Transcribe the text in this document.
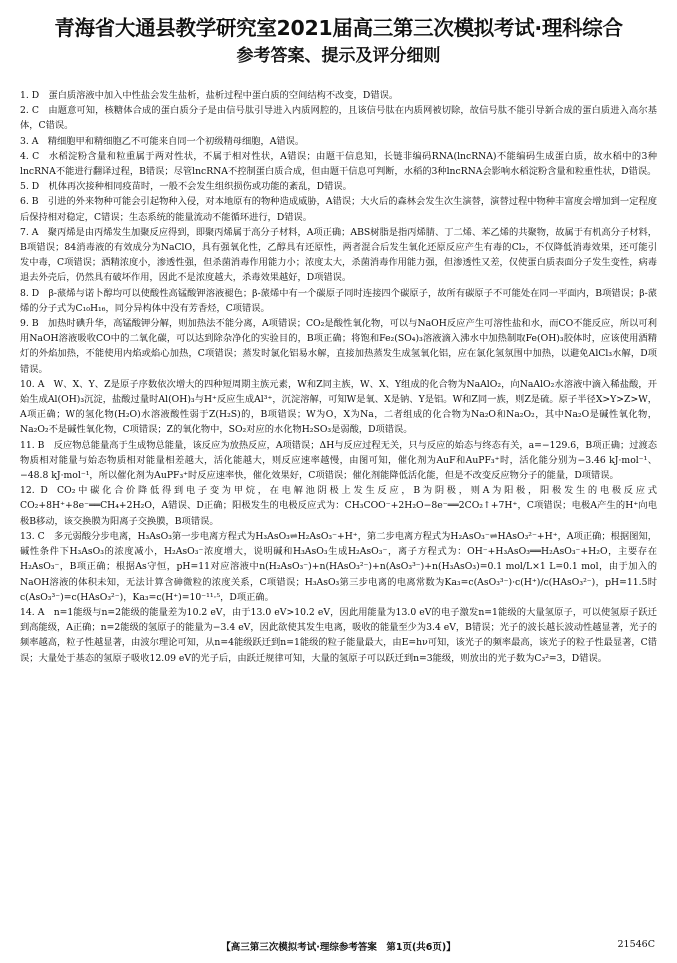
青海省大通县教学研究室2021届高三第三次模拟考试·理科综合
参考答案、提示及评分细则

1. D  蛋白质溶液中加入中性盐会发生盐析，盐析过程中蛋白质的空间结构不改变，D错误。

2. C  由题意可知，核糖体合成的蛋白质分子是由信号肽引导进入内质网腔的，且该信号肽在内质网被切除，故信号肽不能引导新合成的蛋白质进入高尔基体，C错误。

3. A  精细胞甲和精细胞乙不可能来自同一个初级精母细胞，A错误。

4. C  水稻淀粉含量和粒重属于两对性状，不属于相对性状，A错误；由题干信息知，长链非编码RNA(lncRNA)不能编码生成蛋白质，故水稻中的3种lncRNA不能进行翻译过程，B错误；尽管lncRNA不控制蛋白质合成，但由题干信息可判断，水稻的3种lncRNA会影响水稻淀粉含量和粒重性状，D错误。

5. D  机体再次接种相同疫苗时，一般不会发生组织损伤或功能的紊乱，D错误。

6. B  引进的外来物种可能会引起物种入侵，对本地原有的物种造成威胁，A错误；大火后的森林会发生次生演替，演替过程中物种丰富度会增加到一定程度后保持相对稳定，C错误；生态系统的能量流动不能循环进行，D错误。

7. A  聚丙烯是由丙烯发生加聚反应得到，即聚丙烯属于高分子材料，A项正确；ABS树脂是指丙烯腈、丁二烯、苯乙烯的共聚物，故属于有机高分子材料，B项错误；84消毒液的有效成分为NaClO，具有强氧化性，乙醇具有还原性，两者混合后发生氧化还原反应产生有毒的Cl₂，不仅降低消毒效果，还可能引发中毒，C项错误；酒精浓度小，渗透性强，但杀菌消毒作用能力小；浓度太大，杀菌消毒作用能力强，但渗透性又差，仅使蛋白质表面分子发生变性，病毒退去外壳后，仍然具有破坏作用，因此不是浓度越大，杀毒效果越好，D项错误。

8. D  β-蒎烯与诺卜醇均可以使酸性高锰酸钾溶液褪色；β-蒎烯中有一个碳原子同时连接四个碳原子，故所有碳原子不可能处在同一平面内，B项错误；β-蒎烯的分子式为C₁₀H₁₆，同分异构体中没有芳香烃，C项错误。

9. B  加热时碘升华，高锰酸钾分解，则加热法不能分离，A项错误；CO₂是酸性氧化物，可以与NaOH反应产生可溶性盐和水，而CO不能反应，所以可利用NaOH溶液吸收CO中的二氧化碳，可以达到除杂净化的实验目的，B项正确；将饱和Fe₂(SO₄)₃溶液滴入沸水中加热制取Fe(OH)₃胶体时，应该使用酒精灯的外焰加热，不能使用内焰或焰心加热，C项错误；蒸发时氯化铝易水解，直接加热蒸发生成氢氧化铝，应在氯化氢氛围中加热，以避免AlCl₃水解，D项错误。

10. A  W、X、Y、Z是原子序数依次增大的四种短周期主族元素，W和Z同主族，W、X、Y组成的化合物为NaAlO₂，向NaAlO₂水溶液中滴入稀盐酸，开始生成Al(OH)₃沉淀，盐酸过量时Al(OH)₃与H⁺反应生成Al³⁺，沉淀溶解，可知W是氧、X是钠、Y是铝。W和Z同一族，则Z是硫。原子半径X>Y>Z>W，A项正确；W的氢化物(H₂O)水溶液酸性弱于Z(H₂S)的，B项错误；W为O，X为Na，二者组成的化合物为Na₂O和Na₂O₂，其中Na₂O是碱性氧化物，Na₂O₂不是碱性氧化物，C项错误；Z的氧化物中，SO₂对应的水化物H₂SO₃是弱酸，D项错误。

11. B  反应物总能量高于生成物总能量，该反应为放热反应，A项错误；ΔH与反应过程无关，只与反应的始态与终态有关，a=−129.6，B项正确；过渡态物质相对能量与始态物质相对能量相差越大，活化能越大，则反应速率越慢，由图可知，催化剂为AuF和AuPF₃⁺时，活化能分别为−3.46 kJ·mol⁻¹、−48.8 kJ·mol⁻¹，所以催化剂为AuPF₃⁺时反应速率快，催化效果好，C项错误；催化剂能降低活化能，但是不改变反应物分子的能量，D项错误。

12. D  CO₂中碳化合价降低得到电子变为甲烷，在电解池阴极上发生反应，B为阴极，则A为阳极，阳极发生的电极反应式CO₂+8H⁺+8e⁻══CH₄+2H₂O，A错误、D正确；阳极发生的电极反应式为：CH₃COO⁻+2H₂O−8e⁻══2CO₂↑+7H⁺，C项错误；电极A产生的H⁺向电极B移动，该交换膜为阳离子交换膜，B项错误。

13. C  多元弱酸分步电离，H₃AsO₃第一步电离方程式为H₃AsO₃⇌H₂AsO₃⁻+H⁺，第二步电离方程式为H₂AsO₃⁻⇌HAsO₃²⁻+H⁺，A项正确；根据图知，碱性条件下H₃AsO₃的浓度减小，H₂AsO₃⁻浓度增大，说明碱和H₃AsO₃生成H₂AsO₃⁻，离子方程式为：OH⁻+H₃AsO₃══H₂AsO₃⁻+H₂O，主要存在H₂AsO₃⁻，B项正确；根据As守恒，pH=11对应溶液中n(H₂AsO₃⁻)+n(HAsO₃²⁻)+n(AsO₃³⁻)+n(H₃AsO₃)=0.1 mol/L×1 L=0.1 mol，由于加入的NaOH溶液的体积未知，无法计算含砷微粒的浓度关系，C项错误；H₃AsO₃第三步电离的电离常数为Ka₃=c(AsO₃³⁻)·c(H⁺)/c(HAsO₃²⁻)，pH=11.5时c(AsO₃³⁻)=c(HAsO₃²⁻)，Ka₃=c(H⁺)=10⁻¹¹·⁵，D项正确。

14. A  n=1能级与n=2能级的能量差为10.2 eV，由于13.0 eV>10.2 eV，因此用能量为13.0 eV的电子激发n=1能级的大量氢原子，可以使氢原子跃迁到高能级，A正确；n=2能级的氢原子的能量为−3.4 eV，因此欲使其发生电离，吸收的能量至少为3.4 eV，B错误；光子的波长越长波动性越显著，光子的频率越高，粒子性越显著，由波尔理论可知，从n=4能级跃迁到n=1能级的粒子能量最大，由E=hν可知，该光子的频率最高，该光子的粒子性最显著，C错误；大量处于基态的氢原子吸收12.09 eV的光子后，由跃迁规律可知，大量的氢原子可以跃迁到n=3能级，则放出的光子数为C₃²=3，D错误。

【高三第三次模拟考试·理综参考答案　第1页(共6页)】	21546C
